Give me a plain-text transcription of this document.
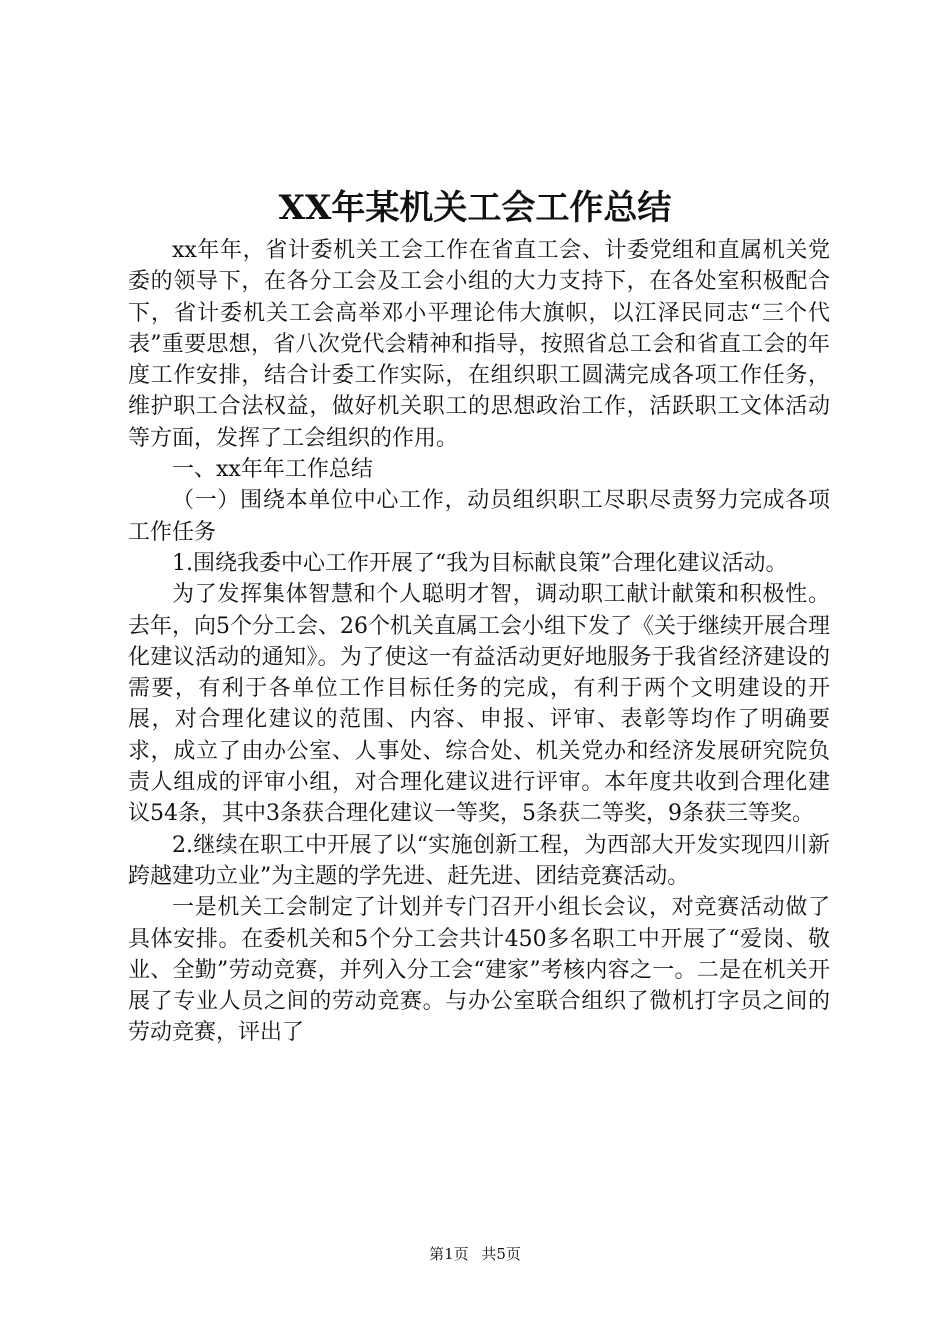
XX年某机关工会工作总结

xx年年，省计委机关工会工作在省直工会、计委党组和直属机关党委的领导下，在各分工会及工会小组的大力支持下，在各处室积极配合下，省计委机关工会高举邓小平理论伟大旗帜，以江泽民同志“三个代表”重要思想，省八次党代会精神和指导，按照省总工会和省直工会的年度工作安排，结合计委工作实际，在组织职工圆满完成各项工作任务，维护职工合法权益，做好机关职工的思想政治工作，活跃职工文体活动等方面，发挥了工会组织的作用。

一、xx年年工作总结

（一）围绕本单位中心工作，动员组织职工尽职尽责努力完成各项工作任务

1.围绕我委中心工作开展了“我为目标献良策”合理化建议活动。

为了发挥集体智慧和个人聪明才智，调动职工献计献策和积极性。去年，向5个分工会、26个机关直属工会小组下发了《关于继续开展合理化建议活动的通知》。为了使这一有益活动更好地服务于我省经济建设的需要，有利于各单位工作目标任务的完成，有利于两个文明建设的开展，对合理化建议的范围、内容、申报、评审、表彰等均作了明确要求，成立了由办公室、人事处、综合处、机关党办和经济发展研究院负责人组成的评审小组，对合理化建议进行评审。本年度共收到合理化建议54条，其中3条获合理化建议一等奖，5条获二等奖，9条获三等奖。

2.继续在职工中开展了以“实施创新工程，为西部大开发实现四川新跨越建功立业”为主题的学先进、赶先进、团结竞赛活动。

一是机关工会制定了计划并专门召开小组长会议，对竞赛活动做了具体安排。在委机关和5个分工会共计450多名职工中开展了“爱岗、敬业、全勤”劳动竞赛，并列入分工会“建家”考核内容之一。二是在机关开展了专业人员之间的劳动竞赛。与办公室联合组织了微机打字员之间的劳动竞赛，评出了

第1页 共5页
